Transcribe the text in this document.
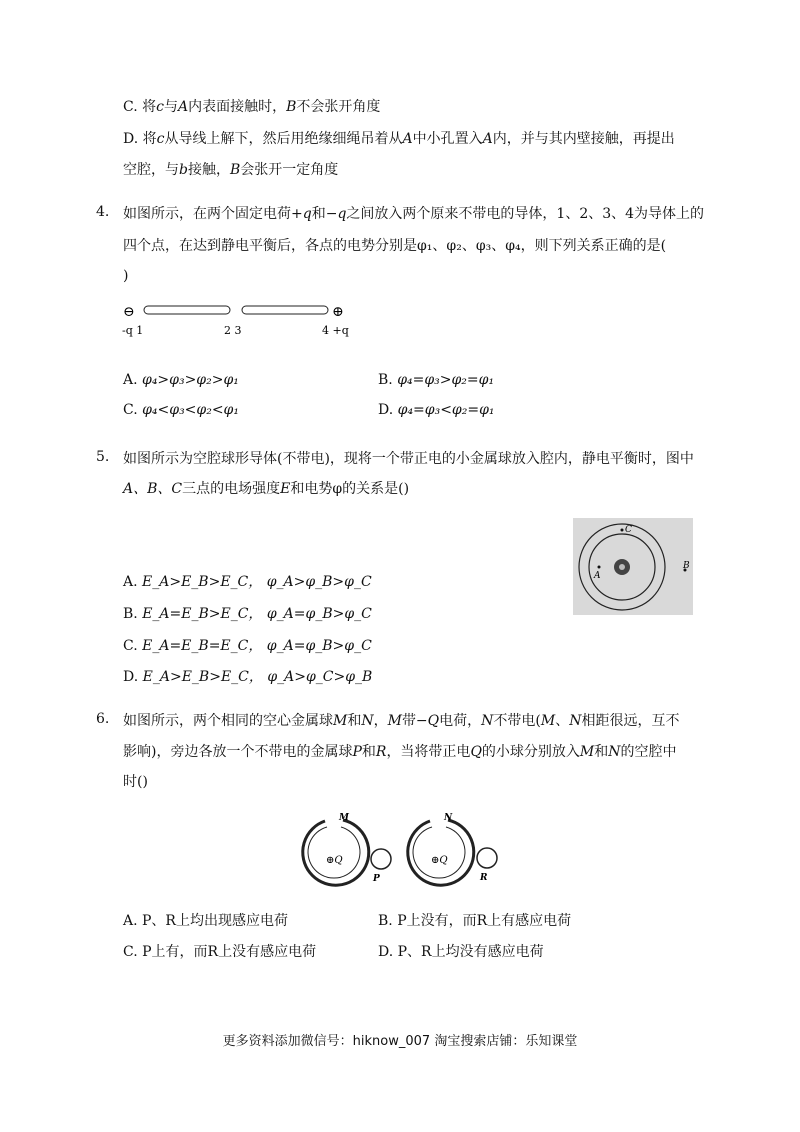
C. 将c与A内表面接触时，B不会张开角度
D. 将c从导线上解下，然后用绝缘细绳吊着从A中小孔置入A内，并与其内壁接触，再提出
空腔，与b接触，B会张开一定角度
4. 如图所示，在两个固定电荷+q和−q之间放入两个原来不带电的导体，1、2、3、4为导体上的
四个点，在达到静电平衡后，各点的电势分别是φ₁、φ₂、φ₃、φ₄，则下列关系正确的是(
)
⊖	⊕
-q 1	2 3	4 +q
A. φ₄>φ₃>φ₂>φ₁	B. φ₄=φ₃>φ₂=φ₁
C. φ₄<φ₃<φ₂<φ₁	D. φ₄=φ₃<φ₂=φ₁
5. 如图所示为空腔球形导体(不带电)，现将一个带正电的小金属球放入腔内，静电平衡时，图中
A、B、C三点的电场强度E和电势φ的关系是()
C
A
B
A. E_A>E_B>E_C， φ_A>φ_B>φ_C
B. E_A=E_B>E_C， φ_A=φ_B>φ_C
C. E_A=E_B=E_C， φ_A=φ_B>φ_C
D. E_A>E_B>E_C， φ_A>φ_C>φ_B
6. 如图所示，两个相同的空心金属球M和N，M带−Q电荷，N不带电(M、N相距很远，互不
影响)，旁边各放一个不带电的金属球P和R，当将带正电Q的小球分别放入M和N的空腔中
时()
M
⊕Q
P
N
⊕Q
R
A. P、R上均出现感应电荷	B. P上没有，而R上有感应电荷
C. P上有，而R上没有感应电荷	D. P、R上均没有感应电荷
更多资料添加微信号：hiknow_007 淘宝搜索店铺：乐知课堂
